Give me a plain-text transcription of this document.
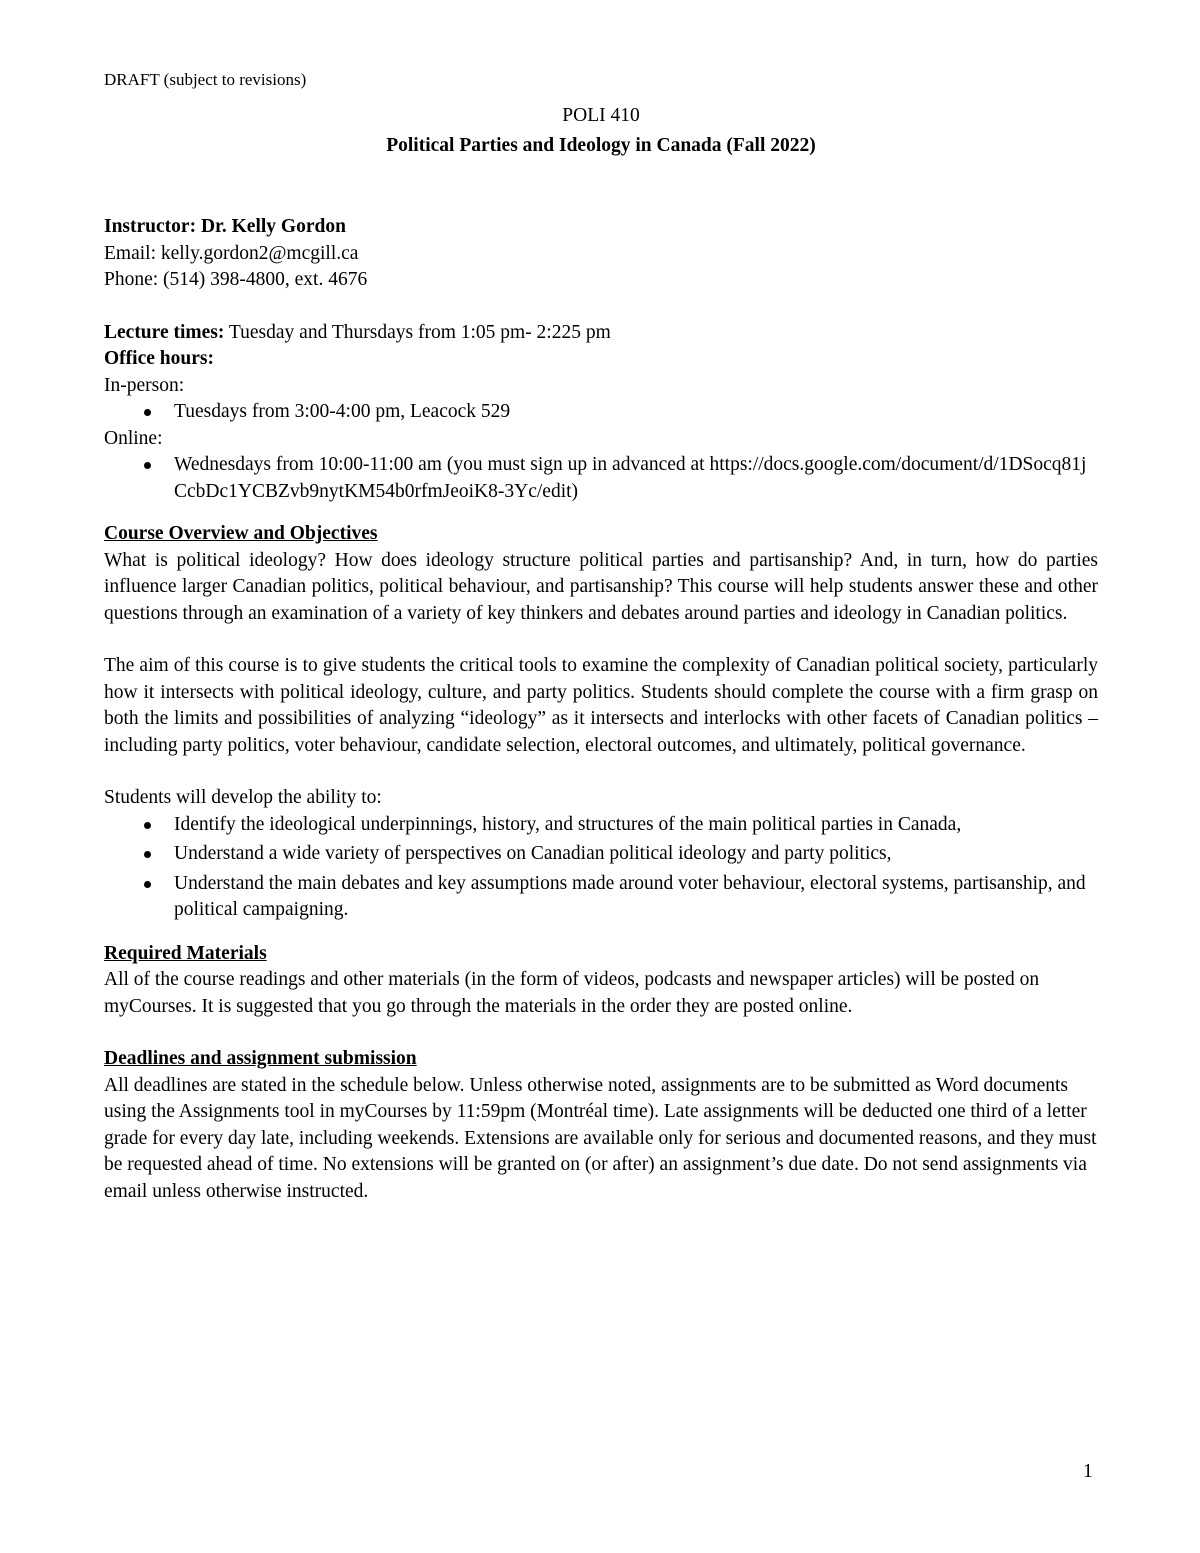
DRAFT (subject to revisions)

POLI 410

Political Parties and Ideology in Canada (Fall 2022)

Instructor: Dr. Kelly Gordon

Email: kelly.gordon2@mcgill.ca

Phone: (514) 398-4800, ext. 4676

Lecture times: Tuesday and Thursdays from 1:05 pm- 2:225 pm

Office hours:

In-person:

Tuesdays from 3:00-4:00 pm, Leacock 529

Online:

Wednesdays from 10:00-11:00 am (you must sign up in advanced at https://docs.google.com/document/d/1DSocq81jCcbDc1YCBZvb9nytKM54b0rfmJeoiK8-3Yc/edit)

Course Overview and Objectives

What is political ideology? How does ideology structure political parties and partisanship? And, in turn, how do parties influence larger Canadian politics, political behaviour, and partisanship? This course will help students answer these and other questions through an examination of a variety of key thinkers and debates around parties and ideology in Canadian politics.

The aim of this course is to give students the critical tools to examine the complexity of Canadian political society, particularly how it intersects with political ideology, culture, and party politics. Students should complete the course with a firm grasp on both the limits and possibilities of analyzing “ideology” as it intersects and interlocks with other facets of Canadian politics – including party politics, voter behaviour, candidate selection, electoral outcomes, and ultimately, political governance.

Students will develop the ability to:

Identify the ideological underpinnings, history, and structures of the main political parties in Canada,
Understand a wide variety of perspectives on Canadian political ideology and party politics,
Understand the main debates and key assumptions made around voter behaviour, electoral systems, partisanship, and political campaigning.

Required Materials

All of the course readings and other materials (in the form of videos, podcasts and newspaper articles) will be posted on myCourses. It is suggested that you go through the materials in the order they are posted online.

Deadlines and assignment submission

All deadlines are stated in the schedule below. Unless otherwise noted, assignments are to be submitted as Word documents using the Assignments tool in myCourses by 11:59pm (Montréal time). Late assignments will be deducted one third of a letter grade for every day late, including weekends. Extensions are available only for serious and documented reasons, and they must be requested ahead of time. No extensions will be granted on (or after) an assignment’s due date. Do not send assignments via email unless otherwise instructed.

1
